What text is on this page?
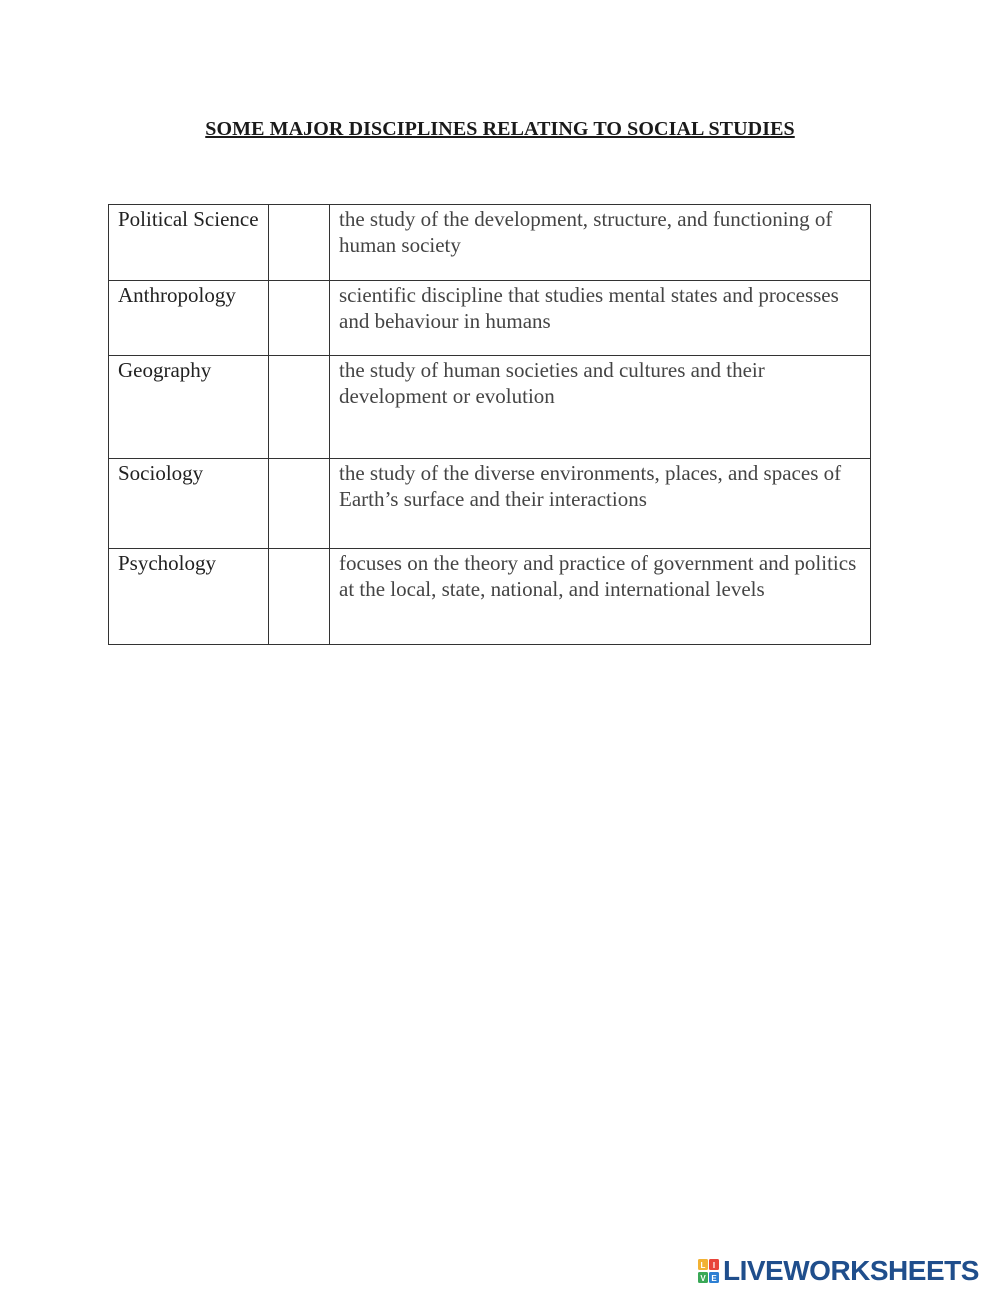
SOME MAJOR DISCIPLINES RELATING TO SOCIAL STUDIES
Political Science		the study of the development, structure, and functioning of human society
Anthropology		scientific discipline that studies mental states and processes and behaviour in humans
Geography		the study of human societies and cultures and their development or evolution
Sociology		the study of the diverse environments, places, and spaces of Earth’s surface and their interactions
Psychology		focuses on the theory and practice of government and politics at the local, state, national, and international levels
L I
V E LIVEWORKSHEETS
